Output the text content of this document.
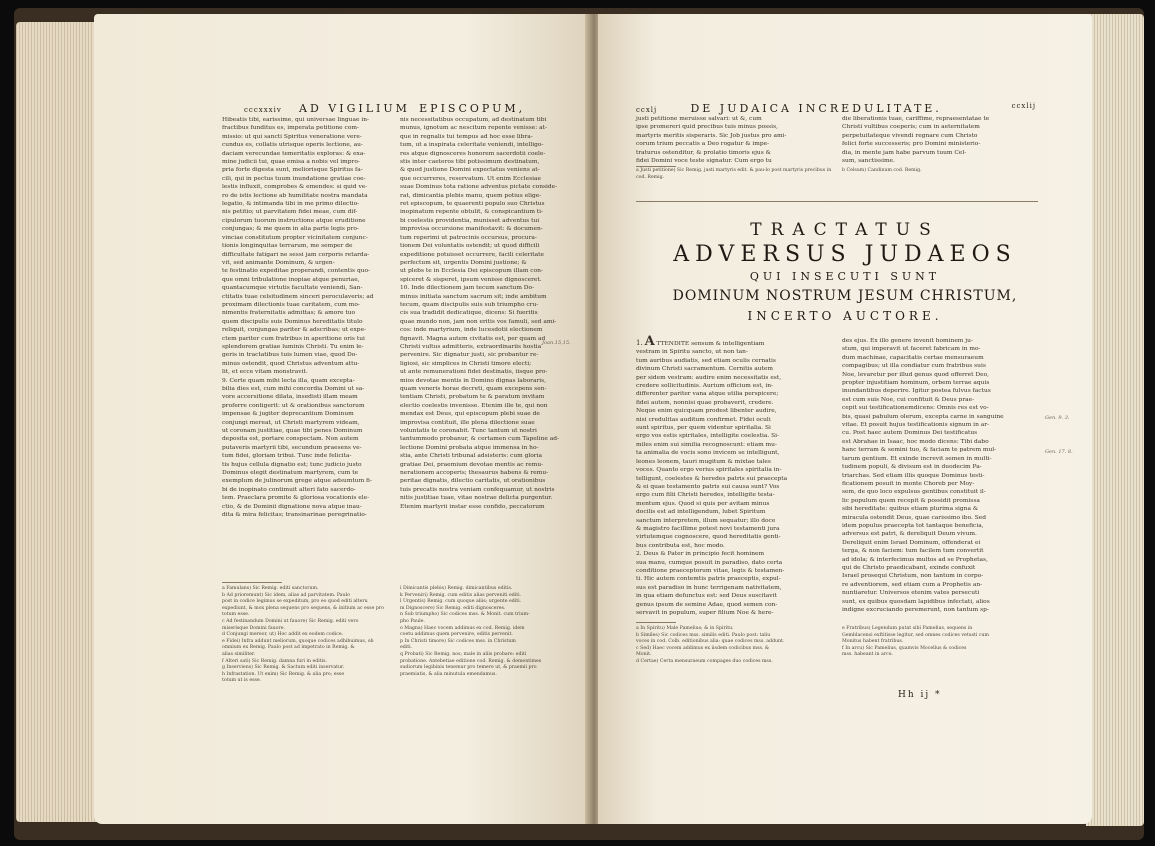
cccxxxiv AD VIGILIUM EPISCOPUM,

Hibeatis tibi, earissime, qui universae linguae in-

fractibus funditus es, imperata petitione com-

missio: ut qui sancti Spiritus veneratione vere-

cundus es, collatis utrisque operis lectione, au-

daciam verecundae temeritatis exploras: & exa-

mine judicii tui, quae emisa a nobis vel impro-

pria forte digesta sunt, meliorisque Spiritus fa-

cili, qui in pectus tuum inundatione gratiae coe-

lestis influxit, comprobes & emendes: si quid ve-

ro de istis lectione ab humilitate nostra mandata

legatio, & intimanda tibi in me primo dilectio-

nis petitio; ut parvitatem fidei meae, cum dif-

cipulorum tuorum instructione atque eruditione

conjungas; & me quem in alia parte legis pro-

vinciae constitutum propter vicinitatem conjunc-

tionis longinquitas terrarum, me semper de

difficultate fatigari ne sessi jam corporis retarda-

vit, sed animante Dominum, & urgen-

te festinatio expeditae properandi, contentis quo-

que omni tribulatione inopiae atque penuriae,

quantacumque virtutis facultate veniendi, San-

ctitatis tuae celsitudinem sinceri peroculaveris; ad

proximam dilectionis tuae caritatem, cum mo-

nimentis fraternitatis admittas; & amore tuo

quem discipulis suis Dominus hereditatis titulo

reliquit, conjungas pariter & adscribas; ut expe-

ctem pariter cum fratribus in aperitione oris tui

splendorem gratiae luminis Christi. Tu enim le-

geris in tractatibus tuis lumen viae, quod Do-

minus ostendit, quod Christus adventum attu-

lit, et ecce vitam monstravit.

9. Certe quam mihi lecta illa, quam excepta-

bilia dies est, cum mihi concordia Domini ut sa-

vore accersitione dilata, insedisti illam meam

proferre contigerit: ut & orationibus sanctorum

impensae & jugiter deprecantium Dominum

conjungi mereat, ut Christi martyrem videam,

ut coronam justitiae, quae tibi penes Dominum

deposita est, portare conspectam. Non autem

putaveris martyrii tibi, secundum praesens ve-

tum fidei, gloriam tribui. Tunc inde felicita-

tis hujus cellula dignatio est; tunc judicio justo

Dominus elegit destinatum martyrem, cum te

exemplum de julinorum grege atque adsumtum fi-

bi de inopinato contimuit alteri fato sacerdo-

tem. Praeclara promite & gloriosa vocationis ele-

ctio, & de Dominii dignatione nova atque inau-

dita & mira felicitas; transinarinae peregrinatio-

nis necessitatibus occupatum, ad destinatum tibi

munus, ignotum ac nescitum repente venisse: at-

que in regnalis tui tempus ad hoc esse libra-

tum, ut a inspirata celeritate veniendi, intelligo-

res atque dignosceres honorem sacerdotii coele-

stis inter caeteros tibi potissimum destinatum,

& quod justione Domini expectatus veniens at-

que occurreres, reservatum. Ut enim Ecclesiae

suae Dominus tota ratione adventus pictate conside-

rat, dimicantia plebis manu, quem potius elige-

ret episcopum, te quaerenti populo suo Christus

inopinatum repente obtulit, & conspicantium ti-

bi coelestis providentia, munisset adventus tui

improvisa occursione manifestavit: & documen-

tum reperimi ut patrocinis occursus, procura-

tionem Dei voluntatis ostendit; ut quod difficili

expeditione potuisset occurrere, facili celeritate

perfectum sit, urgentis Domini justione; &

ut plebs te in Ecclesia Dei episcopum illam con-

spiceret & sisperet, ipsum venisse dignosceret.

10. Inde dilectionem jam tecum sanctum Do-

minus initiata sanctum sacrum sit; inde ambitum

tecum, quam discipulis suis sub triumpho cru-

cis sua tradidit dedicatique, dicens: Si fueritis

quae mundo non, jam non eritis vos famuli, sed ami-

cos: inde martyrium, inde lucesdotii electionem

fignavit. Magna autem civitatis est, per quam ad

Christi vultus admitteris, extraordinariis hostia

pervenire. Sic dignatur justi, sic probantur re-

ligiosi, sic simplices in Christi timore electi;

ut ante remunerationi fidei destinatis, iisque pro-

mios devotae mentis in Domino dignas laboraris,

quam veneris horae decreti, quam excepens sen-

tentiam Christi, probatum te & paratum invitam

electio coelestis invenisse. Etenim ille te, qui non

mendax est Deus, qui episcopum plebi suae de

improvisa contituit, ille plena dilectione suae

voluntatis te coronabit. Tunc tantum ut nostri

tantummodo probanur, & certamen cum Tapeline ad-

lectione Domini probata atque immensa in ho-

stia, ante Christi tribunal adsisteris: cum gloria

gratiae Dei, praemium devotae mentis ac remu-

nerationem accoperis; thesaurus habens & remu-

peritae dignatis, dilectio caritatis, ut orationibus

tuis precatis nostra veniam confequamur, ut nostris

nitis justitiae tuae, vitae nostrae delicta purgentur.

Etenim martyrii instar esse confido, peccatorum

a Famulans) Sic Remig. editi sanctorum.

b Ad prioremunt) Sic idem, alias ad parvitatem. Paulo

post in codice legimus se expeditum, pro eo quod editi alteru

expediunt, & mox plena sequens pro sequens, & initium ac esse pro

totum esse.

c Ad festinandum Domini ut fauore) Sic Remig. editi vero

miserisque Domini fauore.

d Conjungi mereor, ut) Hoc addit ex eodem codice.

e Fidei) Infra addunt meliorum, quoque codices adhibuimus, ob

omnium ex Remig. Paulo post ad impetrato in Remig. &

alias similiter.

f Alteri sati) Sic Remig. damna furi in editis.

g Inserviens) Sic Remig. & Sactum editi inservatur.

h Infrastation. Ut enim) Sic Remig. & alia pro; esse

totum ut is esse.

i Dimicantis plebis) Remig. dimicantibus editis.

k Perveniri) Remig. cum editis alias perveniti editi.

l Urgentis) Remig. cum quoque aliis; urgente editi.

m Dignoscere) Sic Remig. editi dignosceres.

n Sub triumpho) Sic codices mss. & Monit. cum trium-

pho Paule.

o Magna) Haec vocem addimus ex cod. Remig. idem

coetu addimus quem pervenire, editis pervenit.

p In Christi timore) Sic codices mss. in Christum

editi.

q Probati) Sic Remig. nos; male in aliis probare: editi

probatione. Antebetiae editione cod. Remig. & dementimes

sudiorum legibinis tenemur pro temere ut, & praemii pro

praemiatis, & alia minutula emendamus.

ccxlj	DE JUDAICA INCREDULITATE.	ccxlij

justi petitione meruisse salvari: ut &, cum

ipse promereri quid precibus tuis minus possis,

martyris meritis sisperaris. Sic Job justus pro ami-

corum trium peccatis a Deo rogatur & impe-

traturus ostenditur, & prolatio timoris ejus &

fidei Domini voce teste signatur. Cum ergo tu

die liberationis tuae, cariffime, repraesentatae te

Christi vultibus coeperis; cum in aeternitatem

perpetuitateque vivendi regnare cum Christo

felici forte successeris; pro Domini ministerio-

dia, in mente jam habe parvum tuum Cel-

sum, sanctissime.

a Justi petitione) Sic Remig. justi martyris edit. & pau-lo post martyris precibus in cod. Remig.
b Celsum) Candinum cod. Remig.
TRACTATUS
ADVERSUS JUDAEOS
QUI INSECUTI SUNT
DOMINUM NOSTRUM JESUM CHRISTUM,
INCERTO AUCTORE.

1. A TTENDITE sensum & intelligentiam

vestram in Spiritu sancto, ut non tan-

tum auribus audiatis, sed etiam oculis cernatis

divinum Christi sacramentum. Cernitis autem

per sidem vestram: audire enim necessitatis est,

credere sollicitudinis. Aurium officium est, in-

differenter pariter vana atque utilia perspicere;

fidei autem, nonnisi quae probaverit, credere.

Neque enim quicquam prodest libenter audire,

nisi credulitas auditum confirmet. Fidei oculi

sunt spiritus, per quem videntur spiritalia. Si

ergo vos estis spiritales, intelligite coelestia. Si-

miles enim sui similia recognoscunt: etiam mu-

ta animalia de vocis sono invicem se intelligunt,

leones leonem, tauri mugitum & mixtae tales

voces. Quanto ergo verius spiritales spiritalia in-

telligunt, coelestes & heredes patris sui praecepta

& ei quae testamento patris sui causa sunt? Vos

ergo cum filii Christi heredes, intelligite testa-

mentum ejus. Quod si quis per avitam minus

docilis est ad intelligendum, lubet Spiritum

sanctum interpretem, illum sequatur; illo doce

& magistro facillime potest novi testamenti jura

virtutemque cognoscere, quod hereditatis genti-

bus contributa est, hoc modo.

2. Deus & Pater in principio fecit hominem

sua manu, cumque posuit in paradiso, dato certa

conditione praeceptorum vitae, legis & testamen-

ti. Hic autem contemtis patris praeceptis, expul-

sus est paradiso in hunc terrigenam nativitatem,

in qua etiam defunctus est: sed Deus suscitavit

genus ipsum de semine Adae, quod semen con-

servavit in populum, super filium Noe & here-

des ejus. Ex illo genere invenit hominem ju-

stum, qui imperavit ut faceret fabricam in mo-

dum machinae, capacitatis certae mensuraeum

compagibus; ut illa condiatur cum fratribus suis

Noe, levaretur per illud genus quod offerret Deo,

propter injustitiam hominum, orbem terrae aquis

inundantibus deperire. Igitur postea fulvus factus

est cum suis Noe, cui confituit & Deus prae-

cepit sui testificationemdicens: Omnis res est vo-

bis, quasi pabulum olerum, excepta carne in sanguine

vitae. Et posuit hujus testificationis signum in ar-

cu. Post haec autem Dominus Dei testificatus

est Abrahae in Isaac, hoc modo dicens: Tibi dabo

hanc terram & semini tuo, & faciam te patrem mul-

tarum gentium. Et exinde increvit semen in multi-

tudinem populi, & divisum est in duodecim Pa-

triarchas. Sed etiam illis quoque Dominus testi-

ficationem posuit in monte Choreb per Moy-

sem, de quo loco expulsus gentibus constituit il-

lic populum quem recepit & possidit promissa

sibi hereditate: quibus etiam plurima signa &

miracula ostendit Deus, quae carissimo ibo. Sed

idem populus praecepta tot tantaque beneficia,

adversus est patri, & dereliquit Deum vivum.

Dereliquit enim Israel Dominum, offenderat ei

terga, & non faciem: tum facilem tum convertit

ad idola; & interfecimus multos ad se Prophetas,

qui de Christo praedicabant, exinde confuxit

Israel prosequi Christum, non tantum in corpo-

re adventiorem, sed etiam cum a Prophetis an-

nuntiaretur. Universos etenim vates persecuti

sunt, ex quibus quosdam lapidibus infectati, alios

indigne excruciando peremerunt, non tantum sp-

Gen. 9. 3.
Gen. 17. 8.

a In Spiritu) Male Pamelius; & in Spiritu.

b Similes) Sic codices mss. similis editi. Paulo post: taliu

voces in cod. Colb. editionibus alia: quae codices mss. addunt.

c Sed) Haec vocem addimus ex iisdem codicibus mss. &

Monit.

d Certae) Certa mensuraeum compages duo codices mss.

e Fratribus) Legendum putat sibi Pamelius, sequens in

Gemblacensi exftitisse legitur, sed omnes codices vetusti cum

Monitus habent fratribus.

f In arcu) Sic Pamelius, quamvis Mocellus & codices

mss. habeant in arcu.

Hh ij *
Joan.15,15.
